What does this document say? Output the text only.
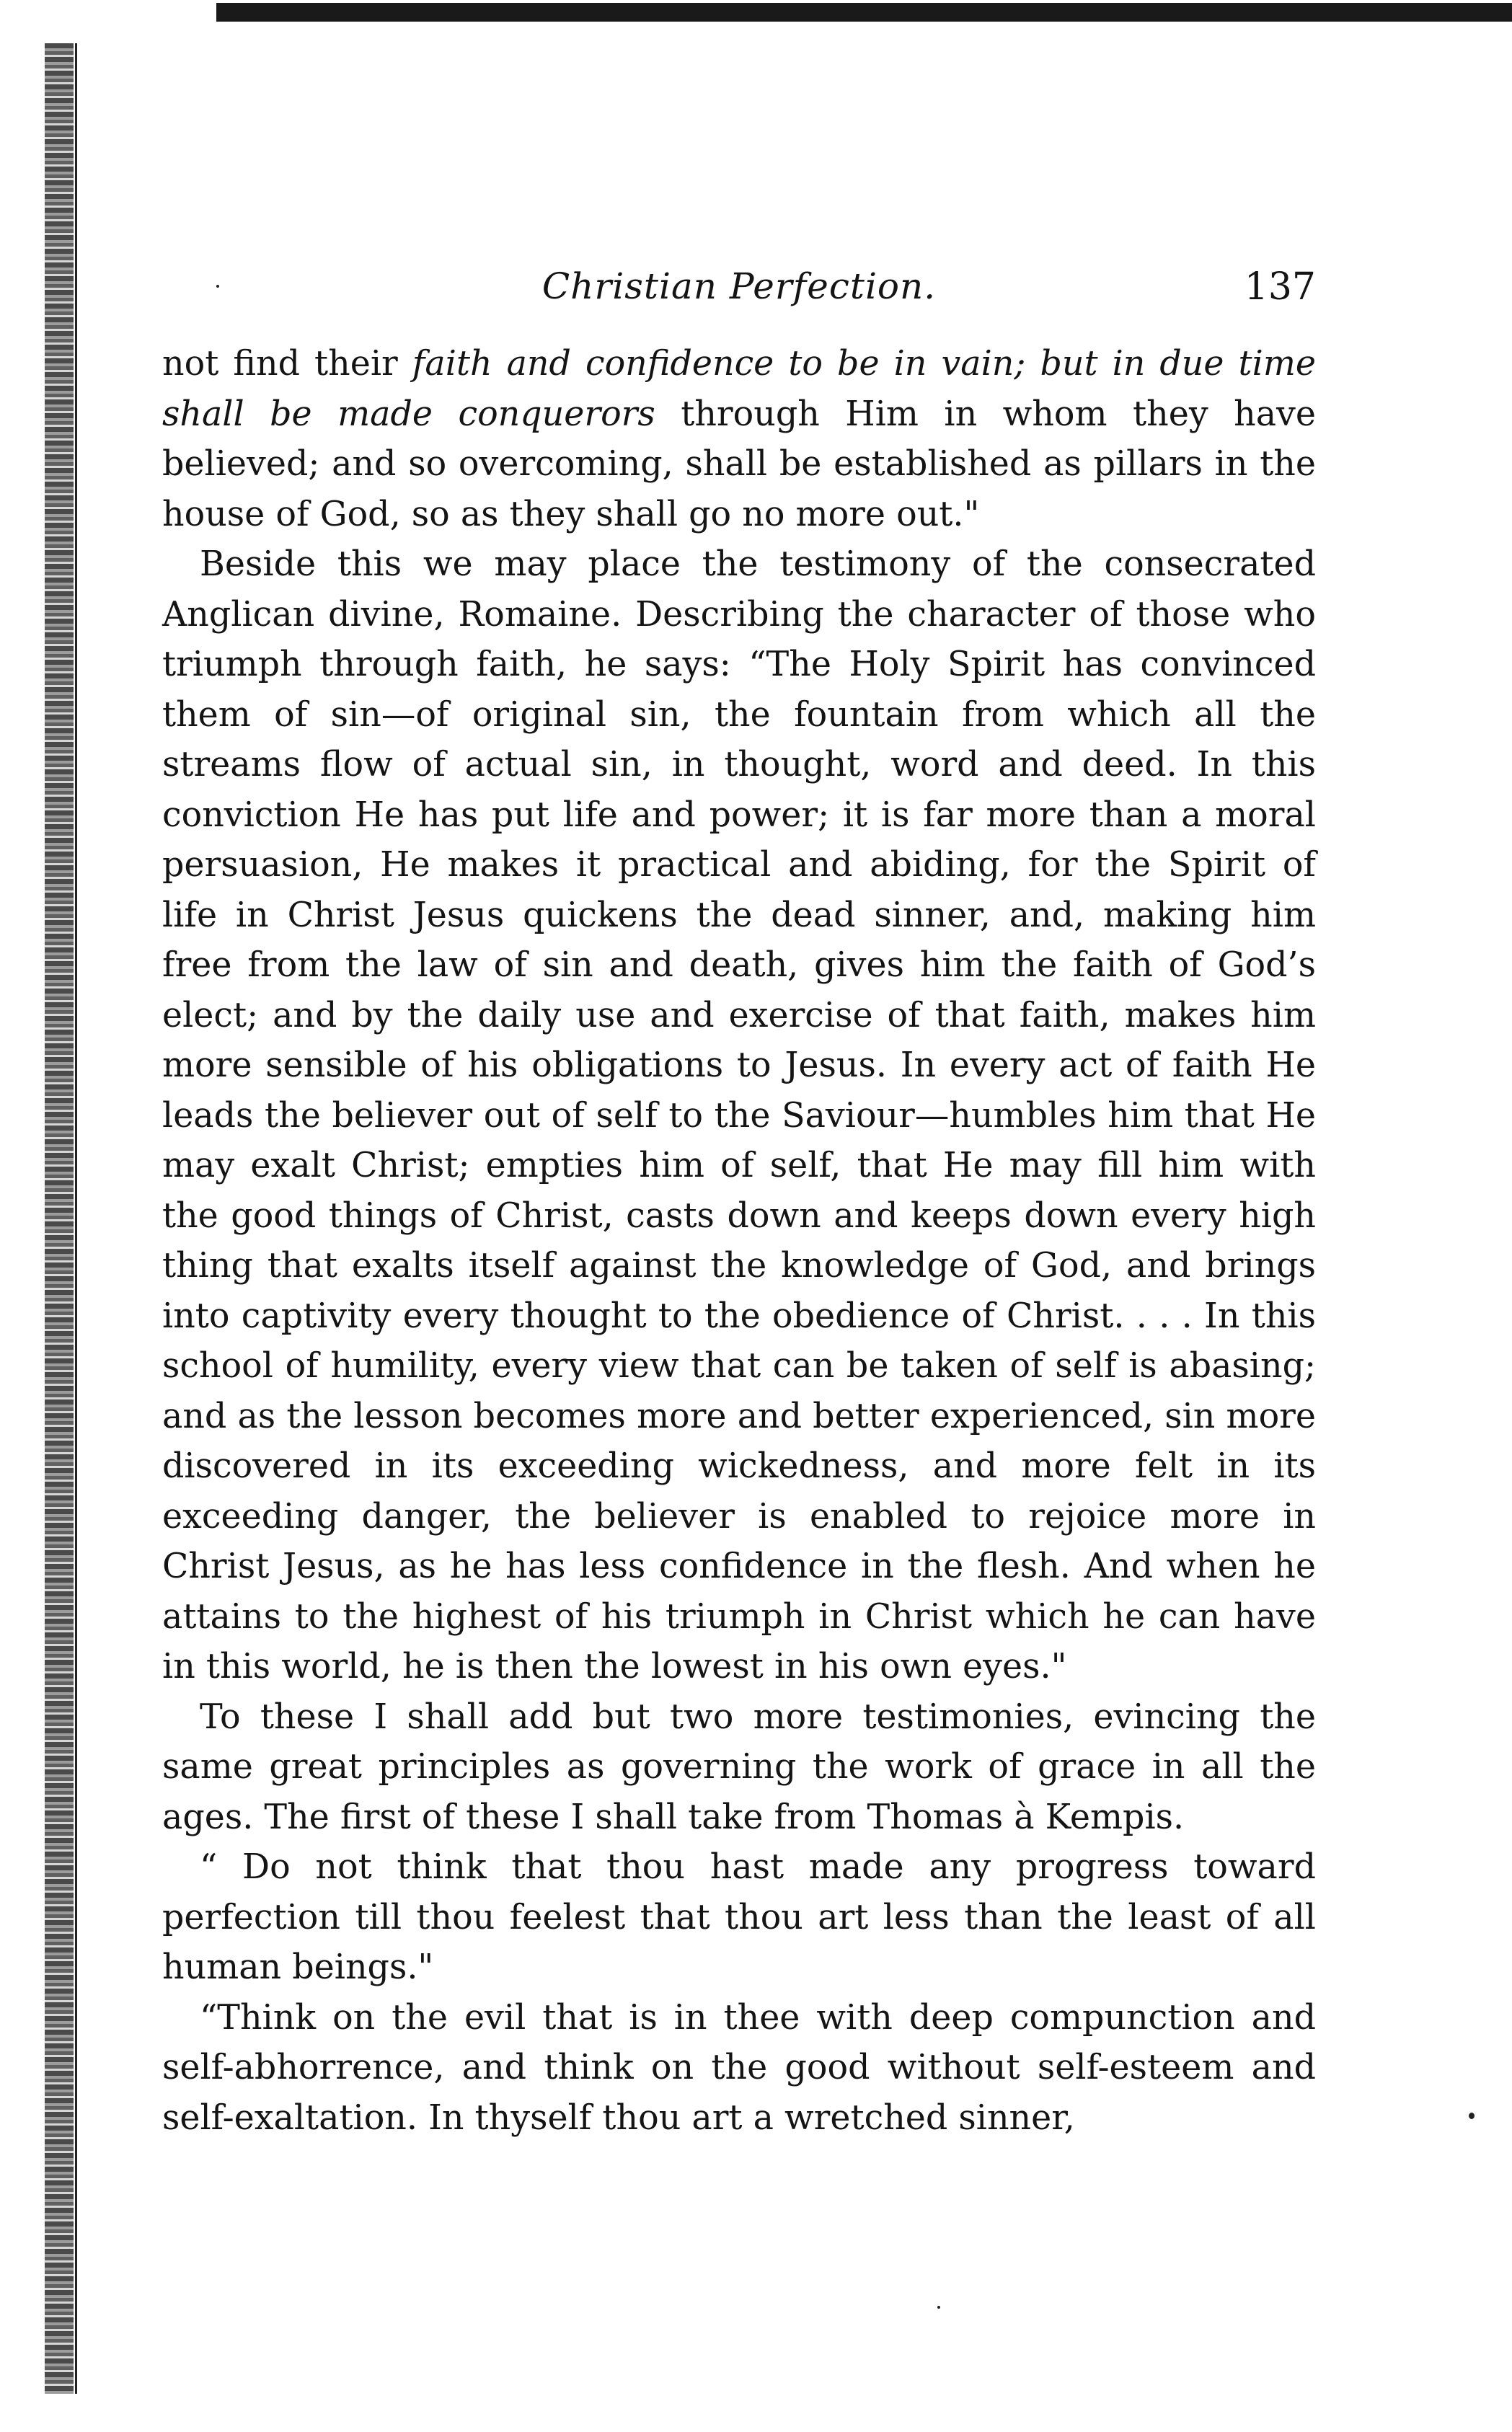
Christian Perfection.	137

not find their faith and confidence to be in vain; but in due time shall be made conquerors through Him in whom they have believed; and so overcoming, shall be established as pillars in the house of God, so as they shall go no more out."

Beside this we may place the testimony of the consecrated Anglican divine, Romaine. Describing the character of those who triumph through faith, he says: “The Holy Spirit has convinced them of sin—of original sin, the fountain from which all the streams flow of actual sin, in thought, word and deed. In this conviction He has put life and power; it is far more than a moral persuasion, He makes it practical and abiding, for the Spirit of life in Christ Jesus quickens the dead sinner, and, making him free from the law of sin and death, gives him the faith of God’s elect; and by the daily use and exercise of that faith, makes him more sensible of his obligations to Jesus. In every act of faith He leads the believer out of self to the Saviour—humbles him that He may exalt Christ; empties him of self, that He may fill him with the good things of Christ, casts down and keeps down every high thing that exalts itself against the knowledge of God, and brings into captivity every thought to the obedience of Christ. . . . In this school of humility, every view that can be taken of self is abasing; and as the lesson becomes more and better experienced, sin more discovered in its exceeding wickedness, and more felt in its exceeding danger, the believer is enabled to rejoice more in Christ Jesus, as he has less confidence in the flesh. And when he attains to the highest of his triumph in Christ which he can have in this world, he is then the lowest in his own eyes."

To these I shall add but two more testimonies, evincing the same great principles as governing the work of grace in all the ages. The first of these I shall take from Thomas à Kempis.

“ Do not think that thou hast made any progress toward perfection till thou feelest that thou art less than the least of all human beings."

“Think on the evil that is in thee with deep compunction and self-abhorrence, and think on the good without self-esteem and self-exaltation. In thyself thou art a wretched sinner,
